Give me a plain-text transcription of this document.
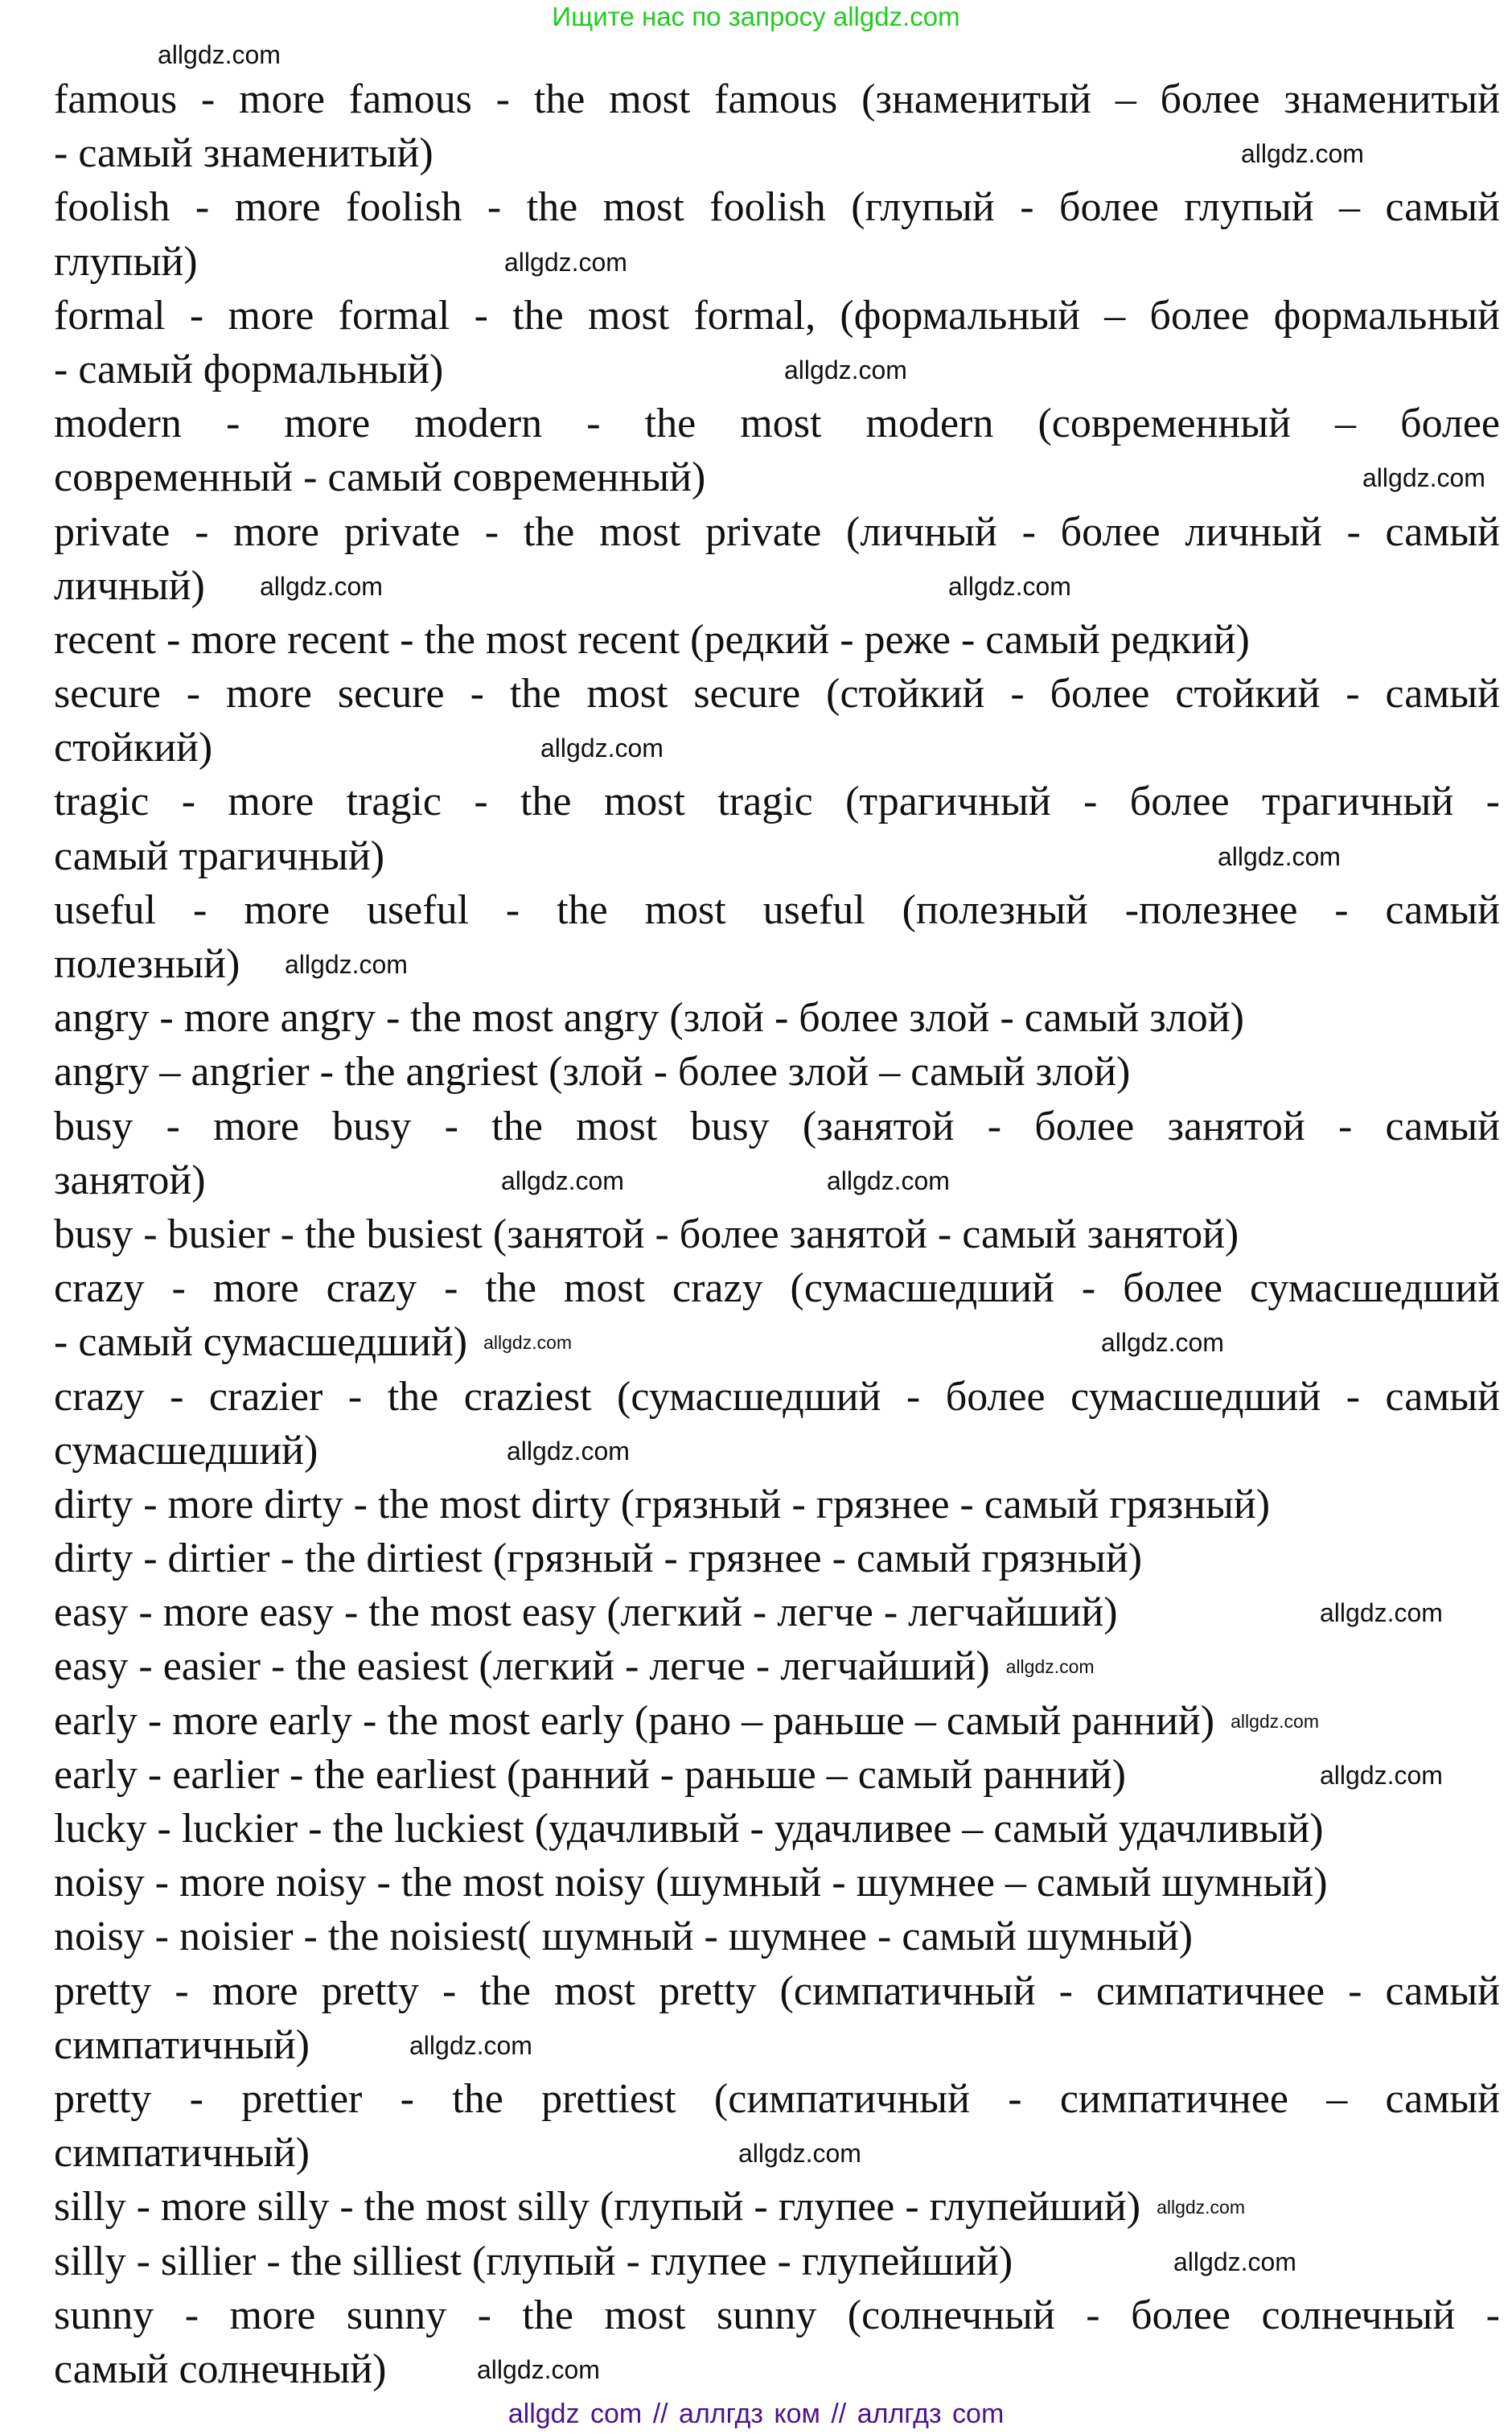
Ищите нас по запросу allgdz.com
allgdz.com
famous - more famous - the most famous (знаменитый – более знаменитый
- самый знаменитый)	allgdz.com
foolish - more foolish - the most foolish (глупый - более глупый – самый
глупый)	allgdz.com
formal - more formal - the most formal, (формальный – более формальный
- самый формальный)	allgdz.com
modern - more modern - the most modern (современный – более
современный - самый современный)	allgdz.com
private - more private - the most private (личный - более личный - самый
личный)	allgdz.com
allgdz.com
recent - more recent - the most recent (редкий - реже - самый редкий)
secure - more secure - the most secure (стойкий - более стойкий - самый
стойкий)	allgdz.com
tragic - more tragic - the most tragic (трагичный - более трагичный -
самый трагичный)	allgdz.com
useful - more useful - the most useful (полезный -полезнее - самый
полезный) allgdz.com
angry - more angry - the most angry (злой - более злой - самый злой)
angry – angrier - the angriest (злой - более злой – самый злой)
busy - more busy - the most busy (занятой - более занятой - самый
занятой)	allgdz.com	allgdz.com
busy - busier - the busiest (занятой - более занятой - самый занятой)
crazy - more crazy - the most crazy (сумасшедший - более сумасшедший
- самый сумасшедший) allgdz.com	allgdz.com
crazy - crazier - the craziest (сумасшедший - более сумасшедший - самый
сумасшедший)	allgdz.com
dirty - more dirty - the most dirty (грязный - грязнее - самый грязный)
dirty - dirtier - the dirtiest (грязный - грязнее - самый грязный)
easy - more easy - the most easy (легкий - легче - легчайший)	allgdz.com
easy - easier - the easiest (легкий - легче - легчайший) allgdz.com
early - more early - the most early (рано – раньше – самый ранний) allgdz.com
early - earlier - the earliest (ранний - раньше – самый ранний)	allgdz.com
lucky - luckier - the luckiest (удачливый - удачливее – самый удачливый)
noisy - more noisy - the most noisy (шумный - шумнее – самый шумный)
noisy - noisier - the noisiest( шумный - шумнее - самый шумный)
pretty - more pretty - the most pretty (симпатичный - симпатичнее - самый
симпатичный)	allgdz.com
pretty - prettier - the prettiest (симпатичный - симпатичнее – самый
симпатичный)	allgdz.com
silly - more silly - the most silly (глупый - глупее - глупейший) allgdz.com
silly - sillier - the silliest (глупый - глупее - глупейший)	allgdz.com
sunny - more sunny - the most sunny (солнечный - более солнечный -
самый солнечный)	allgdz.com
allgdz com // аллгдз ком // аллгдз com
